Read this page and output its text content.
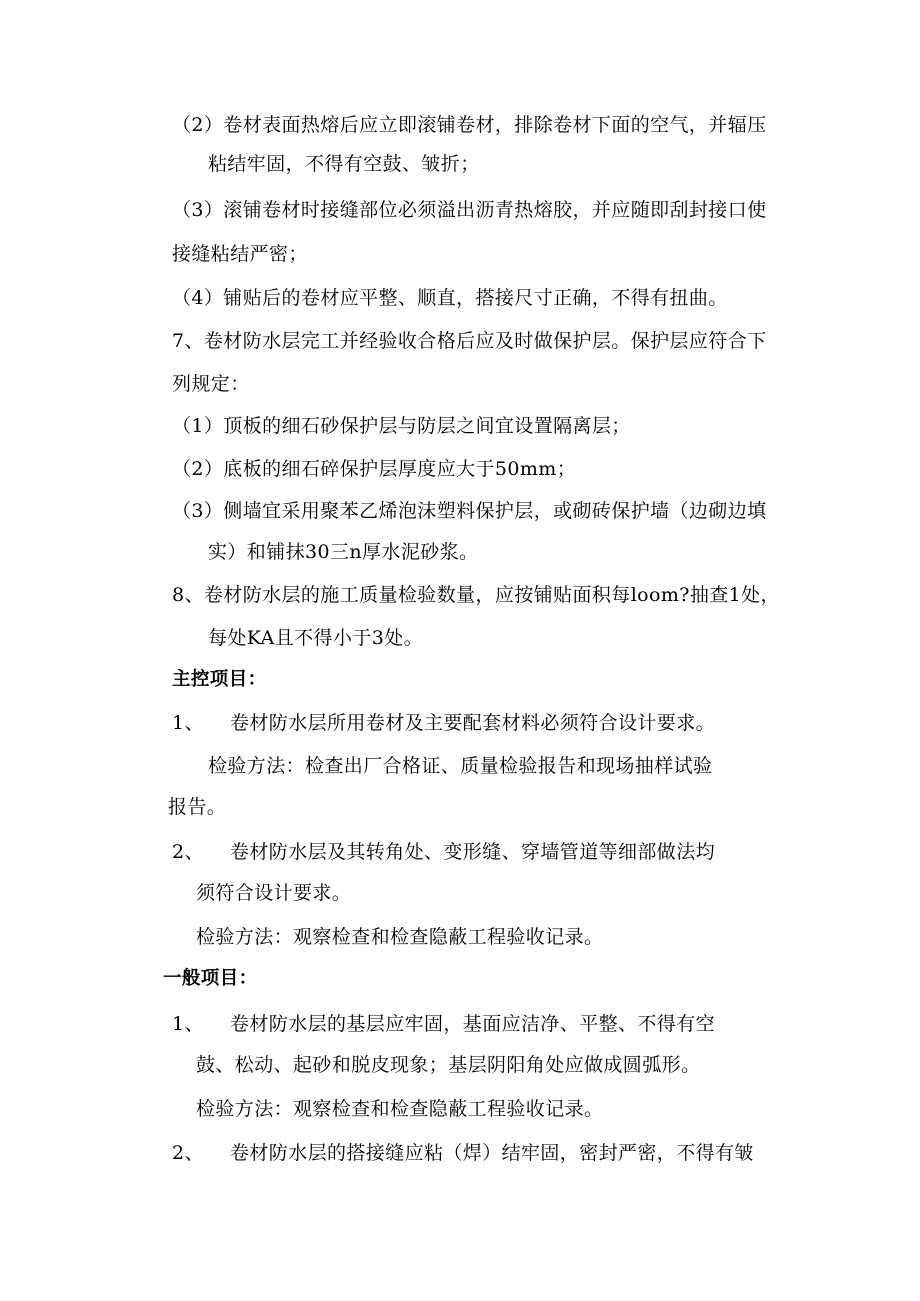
（2）卷材表面热熔后应立即滚铺卷材，排除卷材下面的空气，并辐压
粘结牢固，不得有空鼓、皱折；
（3）滚铺卷材时接缝部位必须溢出沥青热熔胶，并应随即刮封接口使
接缝粘结严密；
（4）铺贴后的卷材应平整、顺直，搭接尺寸正确，不得有扭曲。
7、卷材防水层完工并经验收合格后应及时做保护层。保护层应符合下
列规定：
（1）顶板的细石砂保护层与防层之间宜设置隔离层；
（2）底板的细石碎保护层厚度应大于50mm；
（3）侧墙宜采用聚苯乙烯泡沫塑料保护层，或砌砖保护墙（边砌边填
实）和铺抹30三n厚水泥砂浆。
8、卷材防水层的施工质量检验数量，应按铺贴面积每loom?抽查1处，
每处KA且不得小于3处。
主控项目：
1、 卷材防水层所用卷材及主要配套材料必须符合设计要求。
检验方法：检查出厂合格证、质量检验报告和现场抽样试验
报告。
2、 卷材防水层及其转角处、变形缝、穿墙管道等细部做法均
须符合设计要求。
检验方法：观察检查和检查隐蔽工程验收记录。
一般项目：
1、 卷材防水层的基层应牢固，基面应洁净、平整、不得有空
鼓、松动、起砂和脱皮现象；基层阴阳角处应做成圆弧形。
检验方法：观察检查和检查隐蔽工程验收记录。
2、 卷材防水层的搭接缝应粘（焊）结牢固，密封严密，不得有皱
